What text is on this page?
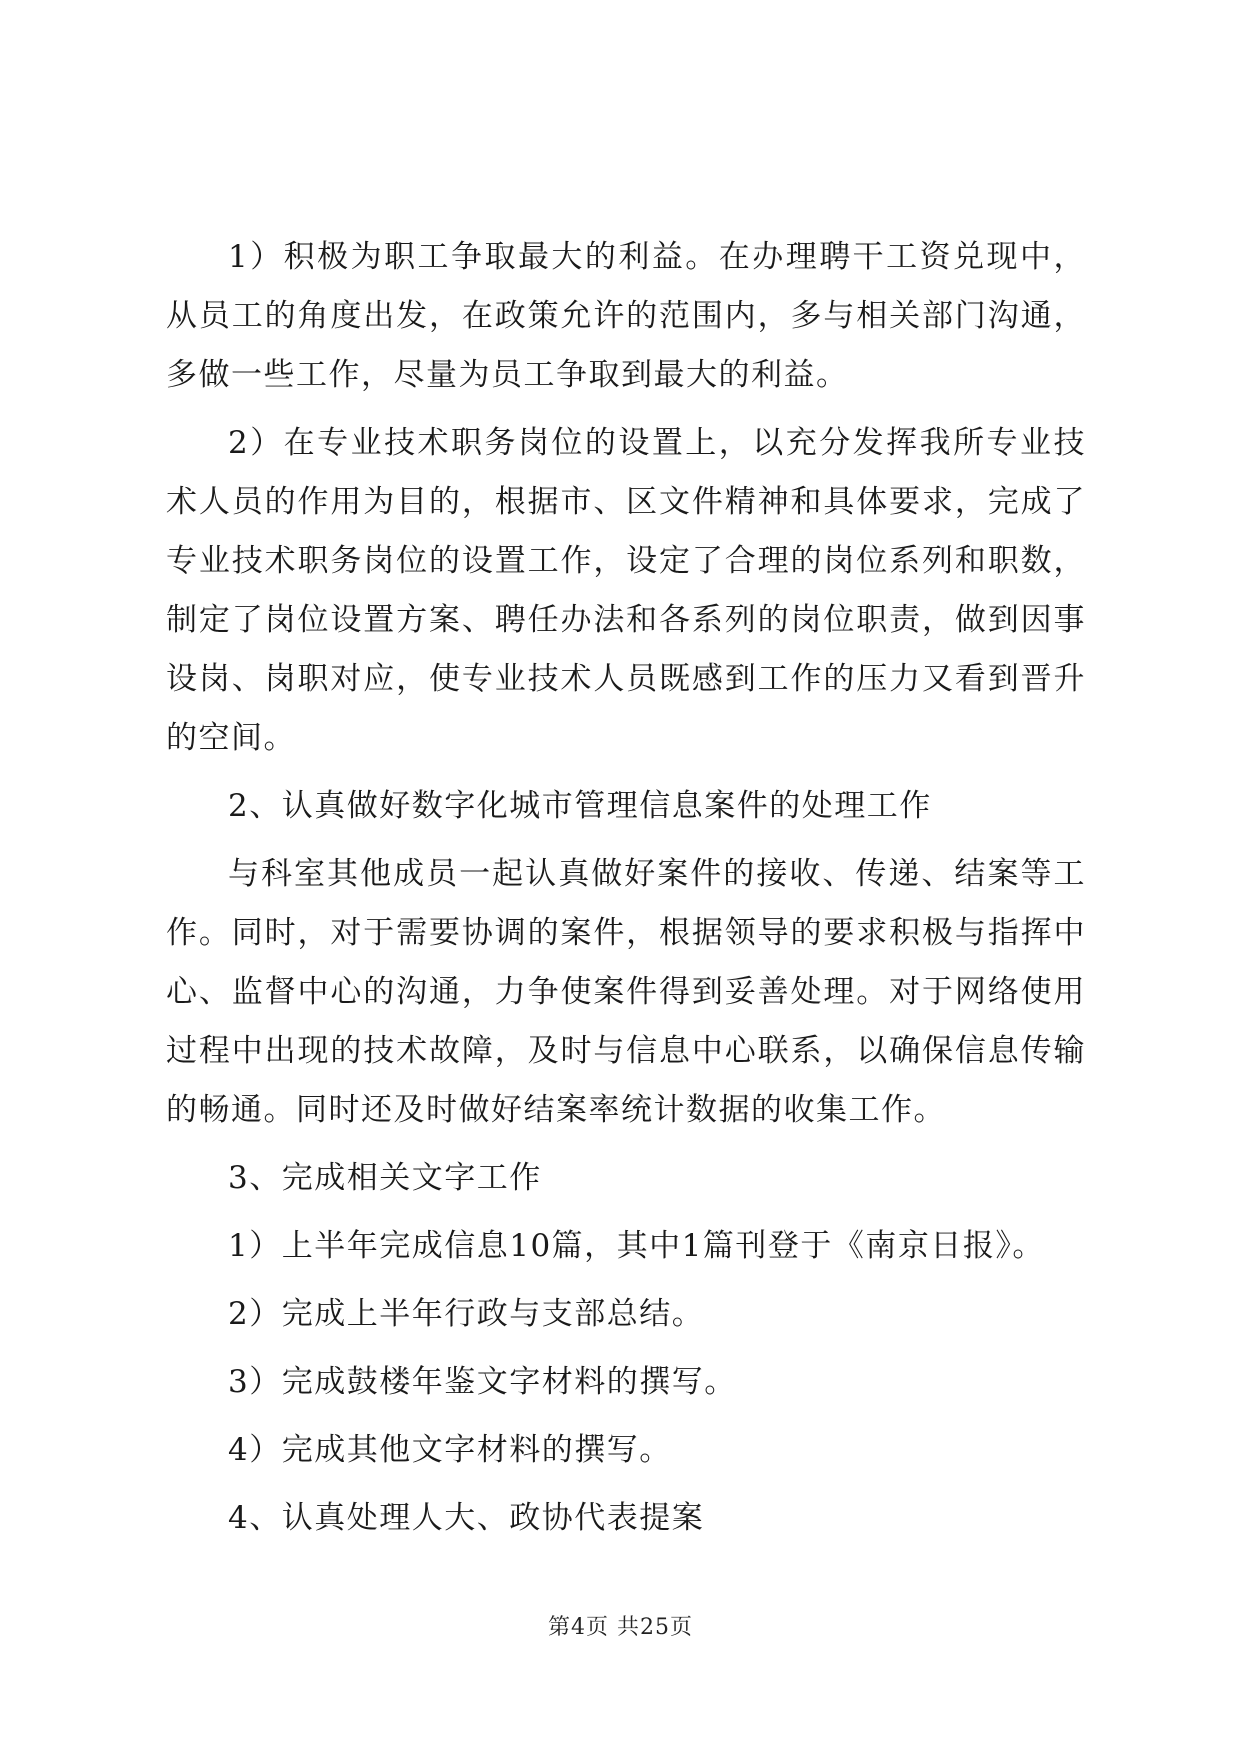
1）积极为职工争取最大的利益。在办理聘干工资兑现中，从员工的角度出发，在政策允许的范围内，多与相关部门沟通，多做一些工作，尽量为员工争取到最大的利益。

2）在专业技术职务岗位的设置上，以充分发挥我所专业技术人员的作用为目的，根据市、区文件精神和具体要求，完成了专业技术职务岗位的设置工作，设定了合理的岗位系列和职数，制定了岗位设置方案、聘任办法和各系列的岗位职责，做到因事设岗、岗职对应，使专业技术人员既感到工作的压力又看到晋升的空间。

2、认真做好数字化城市管理信息案件的处理工作

与科室其他成员一起认真做好案件的接收、传递、结案等工作。同时，对于需要协调的案件，根据领导的要求积极与指挥中心、监督中心的沟通，力争使案件得到妥善处理。对于网络使用过程中出现的技术故障，及时与信息中心联系，以确保信息传输的畅通。同时还及时做好结案率统计数据的收集工作。

3、完成相关文字工作

1）上半年完成信息10篇，其中1篇刊登于《南京日报》。

2）完成上半年行政与支部总结。

3）完成鼓楼年鉴文字材料的撰写。

4）完成其他文字材料的撰写。

4、认真处理人大、政协代表提案

第4页 共25页
